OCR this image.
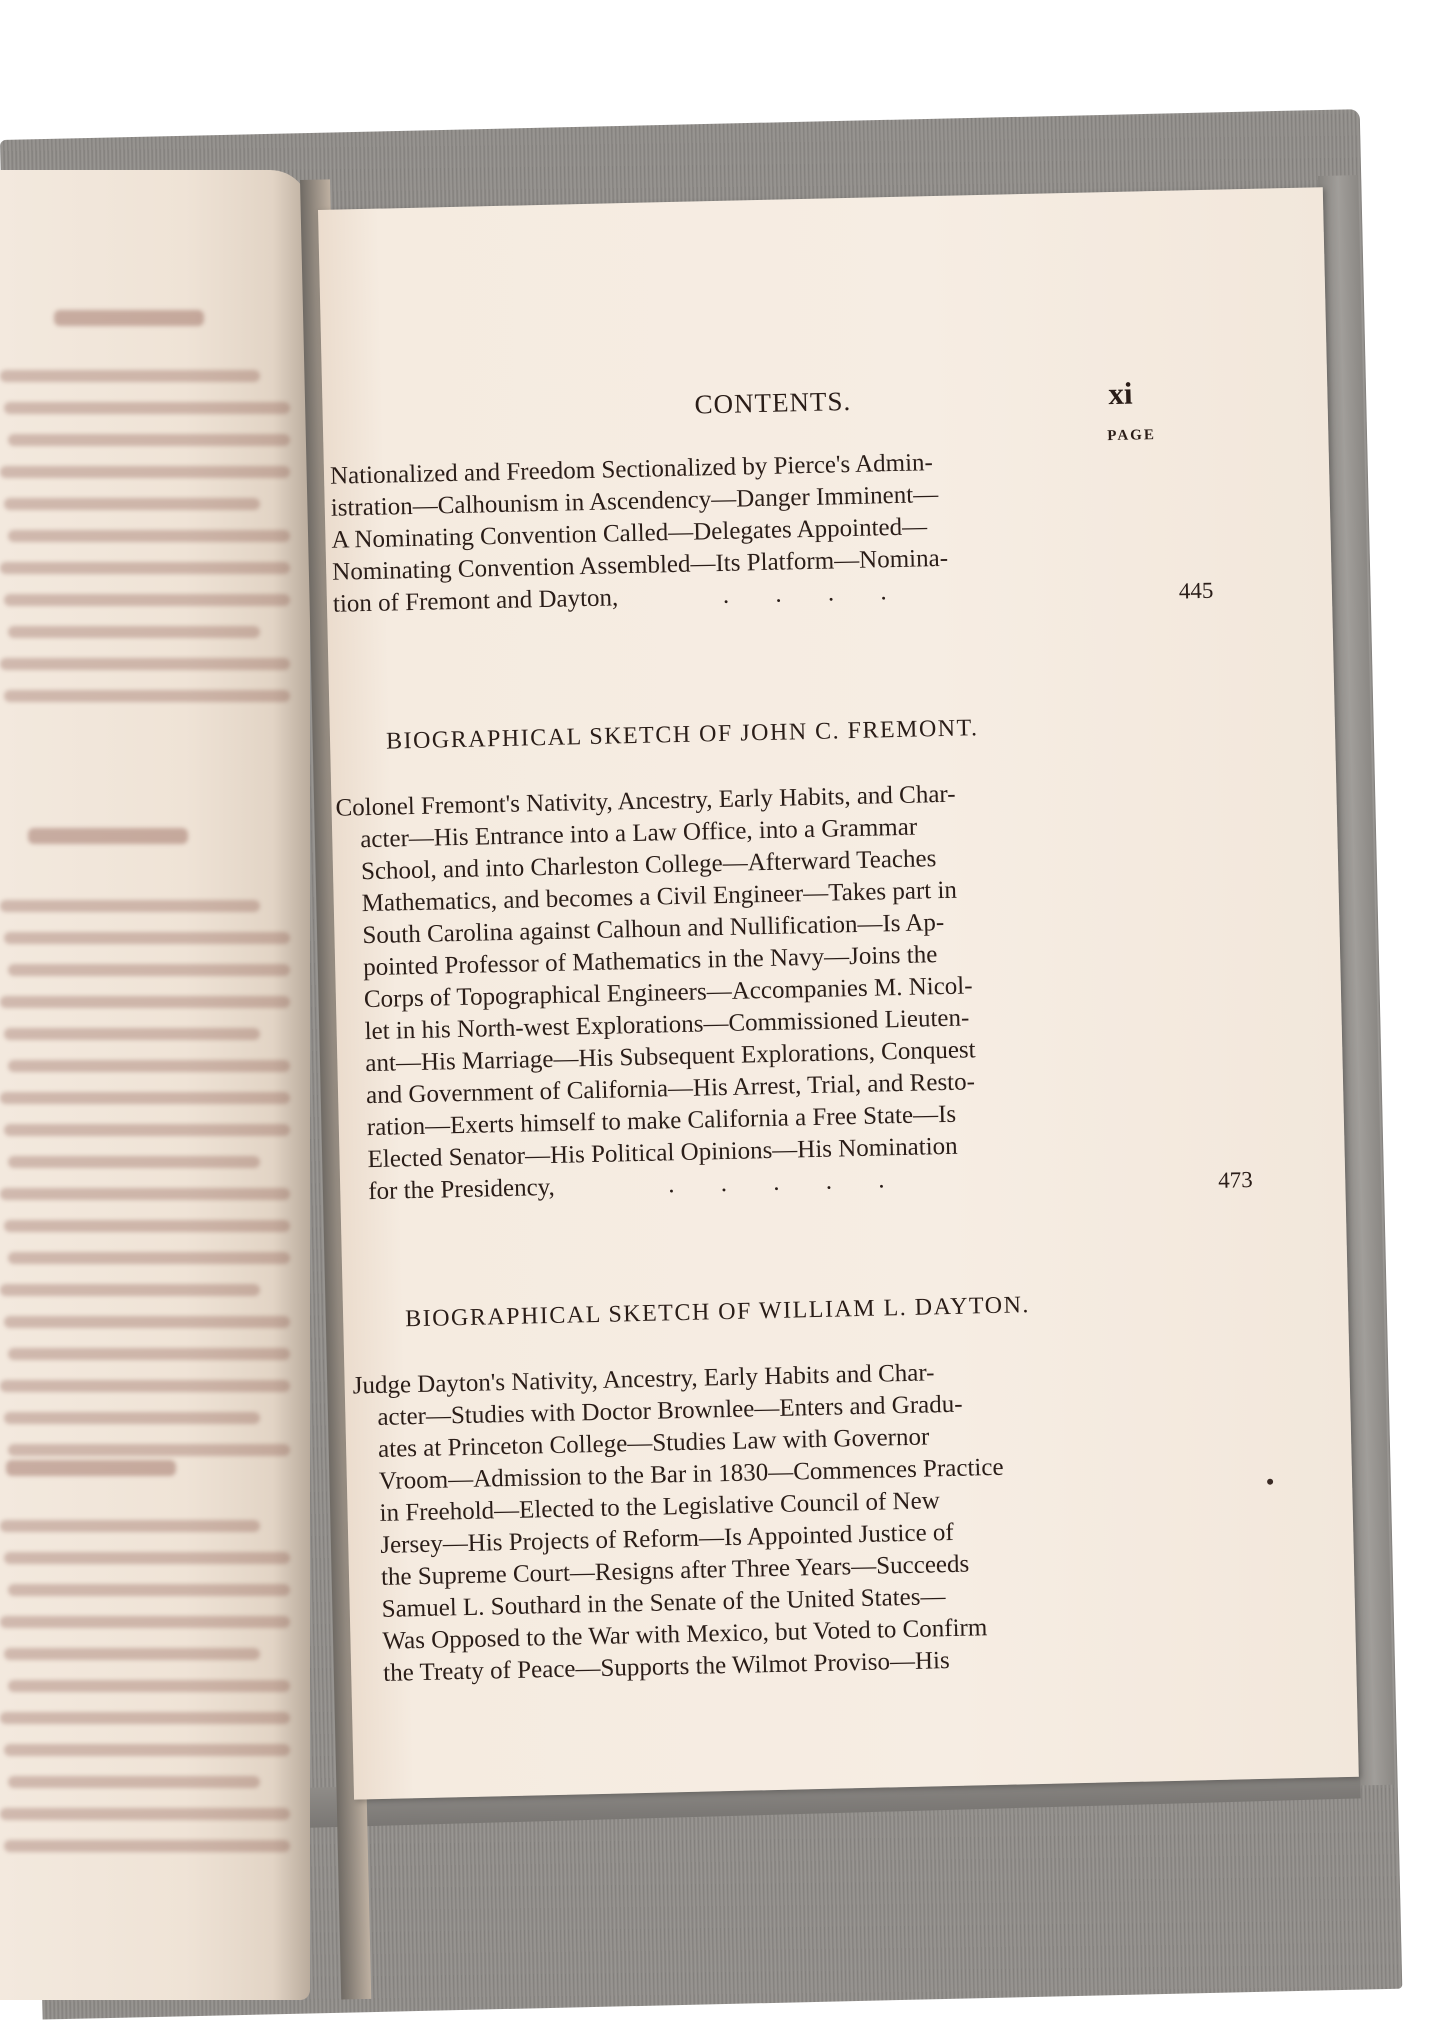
CONTENTS.	xi
PAGE
Nationalized and Freedom Sectionalized by Pierce's Admin-
istration—Calhounism in Ascendency—Danger Imminent—
A Nominating Convention Called—Delegates Appointed—
Nominating Convention Assembled—Its Platform—Nomina-
tion of Fremont and Dayton,	. . . .	445
BIOGRAPHICAL SKETCH OF JOHN C. FREMONT.
Colonel Fremont's Nativity, Ancestry, Early Habits, and Char-
acter—His Entrance into a Law Office, into a Grammar
School, and into Charleston College—Afterward Teaches
Mathematics, and becomes a Civil Engineer—Takes part in
South Carolina against Calhoun and Nullification—Is Ap-
pointed Professor of Mathematics in the Navy—Joins the
Corps of Topographical Engineers—Accompanies M. Nicol-
let in his North-west Explorations—Commissioned Lieuten-
ant—His Marriage—His Subsequent Explorations, Conquest
and Government of California—His Arrest, Trial, and Resto-
ration—Exerts himself to make California a Free State—Is
Elected Senator—His Political Opinions—His Nomination
for the Presidency,	. . . . .	473
BIOGRAPHICAL SKETCH OF WILLIAM L. DAYTON.
Judge Dayton's Nativity, Ancestry, Early Habits and Char-
acter—Studies with Doctor Brownlee—Enters and Gradu-
ates at Princeton College—Studies Law with Governor
Vroom—Admission to the Bar in 1830—Commences Practice
in Freehold—Elected to the Legislative Council of New
Jersey—His Projects of Reform—Is Appointed Justice of
the Supreme Court—Resigns after Three Years—Succeeds
Samuel L. Southard in the Senate of the United States—
Was Opposed to the War with Mexico, but Voted to Confirm
the Treaty of Peace—Supports the Wilmot Proviso—His
